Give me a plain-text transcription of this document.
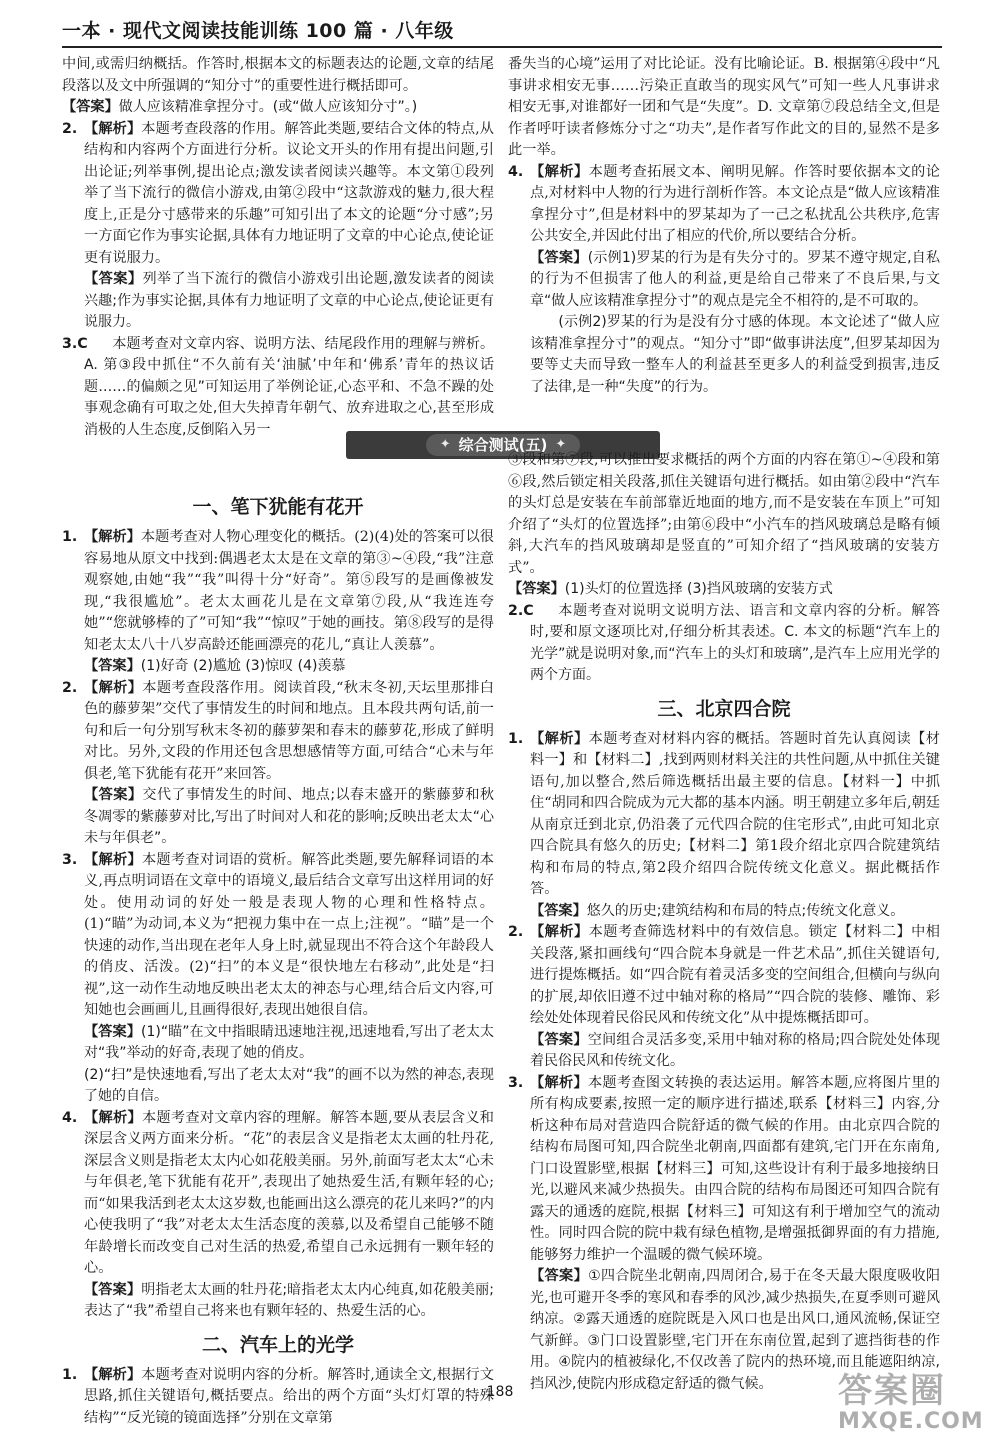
一本 · 现代文阅读技能训练 100 篇 · 八年级

中间,或需归纳概括。作答时,根据本文的标题表达的论题,文章的结尾段落以及文中所强调的“知分寸”的重要性进行概括即可。

【答案】做人应该精准拿捏分寸。(或“做人应该知分寸”。)

2. 【解析】本题考查段落的作用。解答此类题,要结合文体的特点,从结构和内容两个方面进行分析。议论文开头的作用有提出问题,引出论证;列举事例,提出论点;激发读者阅读兴趣等。本文第①段列举了当下流行的微信小游戏,由第②段中“这款游戏的魅力,很大程度上,正是分寸感带来的乐趣”可知引出了本文的论题“分寸感”;另一方面它作为事实论据,具体有力地证明了文章的中心论点,使论证更有说服力。

【答案】列举了当下流行的微信小游戏引出论题,激发读者的阅读兴趣;作为事实论据,具体有力地证明了文章的中心论点,使论证更有说服力。

3.C	本题考查对文章内容、说明方法、结尾段作用的理解与辨析。A. 第③段中抓住“不久前有关‘油腻’中年和‘佛系’青年的热议话题……的偏颇之见”可知运用了举例论证,心态平和、不急不躁的处事观念确有可取之处,但大失掉青年朝气、放弃进取之心,甚至形成消极的人生态度,反倒陷入另一

一、笔下犹能有花开
1. 【解析】本题考查对人物心理变化的概括。(2)(4)处的答案可以很容易地从原文中找到:偶遇老太太是在文章的第③~④段,“我”注意观察她,由她“我”“我”叫得十分“好奇”。第⑤段写的是画像被发现,“我很尴尬”。老太太画花儿是在文章第⑦段,从“我连连夸她”“您就够棒的了”可知“我”“惊叹”于她的画技。第⑧段写的是得知老太太八十八岁高龄还能画漂亮的花儿,“真让人羡慕”。

【答案】(1)好奇 (2)尴尬 (3)惊叹 (4)羡慕

2. 【解析】本题考查段落作用。阅读首段,“秋末冬初,天坛里那排白色的藤萝架”交代了事情发生的时间和地点。且本段共两句话,前一句和后一句分别写秋末冬初的藤萝架和春末的藤萝花,形成了鲜明对比。另外,文段的作用还包含思想感情等方面,可结合“心未与年俱老,笔下犹能有花开”来回答。

【答案】交代了事情发生的时间、地点;以春末盛开的紫藤萝和秋冬凋零的紫藤萝对比,写出了时间对人和花的影响;反映出老太太“心未与年俱老”。

3. 【解析】本题考查对词语的赏析。解答此类题,要先解释词语的本义,再点明词语在文章中的语境义,最后结合文章写出这样用词的好处。使用动词的好处一般是表现人物的心理和性格特点。(1)“瞄”为动词,本义为“把视力集中在一点上;注视”。“瞄”是一个快速的动作,当出现在老年人身上时,就显现出不符合这个年龄段人的俏皮、活泼。(2)“扫”的本义是“很快地左右移动”,此处是“扫视”,这一动作生动地反映出老太太的神态与心理,结合后文内容,可知她也会画画儿,且画得很好,表现出她很自信。

【答案】(1)“瞄”在文中指眼睛迅速地注视,迅速地看,写出了老太太对“我”举动的好奇,表现了她的俏皮。

(2)“扫”是快速地看,写出了老太太对“我”的画不以为然的神态,表现了她的自信。

4. 【解析】本题考查对文章内容的理解。解答本题,要从表层含义和深层含义两方面来分析。“花”的表层含义是指老太太画的牡丹花,深层含义则是指老太太内心如花般美丽。另外,前面写老太太“心未与年俱老,笔下犹能有花开”,表现出了她热爱生活,有颗年轻的心;而“如果我活到老太太这岁数,也能画出这么漂亮的花儿来吗?”的内心使我明了“我”对老太太生活态度的羡慕,以及希望自己能够不随年龄增长而改变自己对生活的热爱,希望自己永远拥有一颗年轻的心。

【答案】明指老太太画的牡丹花;暗指老太太内心纯真,如花般美丽;表达了“我”希望自己将来也有颗年轻的、热爱生活的心。

二、汽车上的光学
1. 【解析】本题考查对说明内容的分析。解答时,通读全文,根据行文思路,抓住关键语句,概括要点。给出的两个方面“头灯灯罩的特殊结构”“反光镜的镜面选择”分别在文章第

✦ 综合测试(五) ✦

番失当的心境”运用了对比论证。没有比喻论证。B. 根据第④段中“凡事讲求相安无事……污染正直敢当的现实风气”可知一些人凡事讲求相安无事,对谁都好一团和气是“失度”。D. 文章第⑦段总结全文,但是作者呼吁读者修炼分寸之“功夫”,是作者写作此文的目的,显然不是多此一举。

4. 【解析】本题考查拓展文本、阐明见解。作答时要依据本文的论点,对材料中人物的行为进行剖析作答。本文论点是“做人应该精准拿捏分寸”,但是材料中的罗某却为了一己之私扰乱公共秩序,危害公共安全,并因此付出了相应的代价,所以要结合分析。

【答案】(示例1)罗某的行为是有失分寸的。罗某不遵守规定,自私的行为不但损害了他人的利益,更是给自己带来了不良后果,与文章“做人应该精准拿捏分寸”的观点是完全不相符的,是不可取的。

(示例2)罗某的行为是没有分寸感的体现。本文论述了“做人应该精准拿捏分寸”的观点。“知分寸”即“做事讲法度”,但罗某却因为要等丈夫而导致一整车人的利益甚至更多人的利益受到损害,违反了法律,是一种“失度”的行为。

③段和第⑦段,可以推出要求概括的两个方面的内容在第①~④段和第⑥段,然后锁定相关段落,抓住关键语句进行概括。如由第②段中“汽车的头灯总是安装在车前部靠近地面的地方,而不是安装在车顶上”可知介绍了“头灯的位置选择”;由第⑥段中“小汽车的挡风玻璃总是略有倾斜,大汽车的挡风玻璃却是竖直的”可知介绍了“挡风玻璃的安装方式”。

【答案】(1)头灯的位置选择 (3)挡风玻璃的安装方式

2.C	本题考查对说明文说明方法、语言和文章内容的分析。解答时,要和原文逐项比对,仔细分析其表述。C. 本文的标题“汽车上的光学”就是说明对象,而“汽车上的头灯和玻璃”,是汽车上应用光学的两个方面。

三、北京四合院
1. 【解析】本题考查对材料内容的概括。答题时首先认真阅读【材料一】和【材料二】,找到两则材料关注的共性问题,从中抓住关键语句,加以整合,然后筛选概括出最主要的信息。【材料一】中抓住“胡同和四合院成为元大都的基本内涵。明王朝建立多年后,朝廷从南京迁到北京,仍沿袭了元代四合院的住宅形式”,由此可知北京四合院具有悠久的历史;【材料二】第1段介绍北京四合院建筑结构和布局的特点,第2段介绍四合院传统文化意义。据此概括作答。

【答案】悠久的历史;建筑结构和布局的特点;传统文化意义。

2. 【解析】本题考查筛选材料中的有效信息。锁定【材料二】中相关段落,紧扣画线句“四合院本身就是一件艺术品”,抓住关键语句,进行提炼概括。如“四合院有着灵活多变的空间组合,但横向与纵向的扩展,却依旧遵不过中轴对称的格局”“四合院的装修、雕饰、彩绘处处体现着民俗民风和传统文化”从中提炼概括即可。

【答案】空间组合灵活多变,采用中轴对称的格局;四合院处处体现着民俗民风和传统文化。

3. 【解析】本题考查图文转换的表达运用。解答本题,应将图片里的所有构成要素,按照一定的顺序进行描述,联系【材料三】内容,分析这种布局对营造四合院舒适的微气候的作用。由北京四合院的结构布局图可知,四合院坐北朝南,四面都有建筑,宅门开在东南角,门口设置影壁,根据【材料三】可知,这些设计有利于最多地接纳日光,以避风来减少热损失。由四合院的结构布局图还可知四合院有露天的通透的庭院,根据【材料三】可知这有利于增加空气的流动性。同时四合院的院中栽有绿色植物,是增强抵御界面的有力措施,能够努力维护一个温暖的微气候环境。

【答案】①四合院坐北朝南,四周闭合,易于在冬天最大限度吸收阳光,也可避开冬季的寒风和春季的风沙,减少热损失,在夏季则可避风纳凉。②露天通透的庭院既是入风口也是出风口,通风流畅,保证空气新鲜。③门口设置影壁,宅门开在东南位置,起到了遮挡街巷的作用。④院内的植被绿化,不仅改善了院内的热环境,而且能遮阳纳凉,挡风沙,使院内形成稳定舒适的微气候。

188	答案圈
MXQE.COM
